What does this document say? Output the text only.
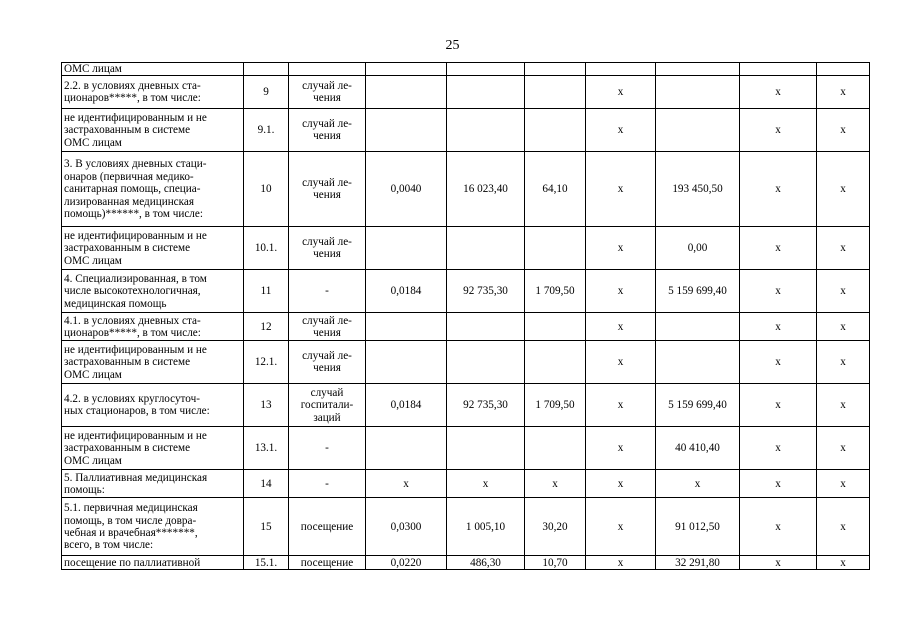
25
ОМС лицам									
2.2. в условиях дневных ста-
ционаров*****, в том числе:	9	случай ле-
чения				х		х	х
не идентифицированным и не
застрахованным в системе
ОМС лицам	9.1.	случай ле-
чения				х		х	х
3. В условиях дневных стаци-
онаров (первичная медико-
санитарная помощь, специа-
лизированная медицинская
помощь)******, в том числе:	10	случай ле-
чения	0,0040	16 023,40	64,10	х	193 450,50	х	х
не идентифицированным и не
застрахованным в системе
ОМС лицам	10.1.	случай ле-
чения				х	0,00	х	х
4. Специализированная, в том
числе высокотехнологичная,
медицинская помощь	11	-	0,0184	92 735,30	1 709,50	х	5 159 699,40	х	х
4.1. в условиях дневных ста-
ционаров*****, в том числе:	12	случай ле-
чения				х		х	х
не идентифицированным и не
застрахованным в системе
ОМС лицам	12.1.	случай ле-
чения				х		х	х
4.2. в условиях круглосуточ-
ных стационаров, в том числе:	13	случай
госпитали-
заций	0,0184	92 735,30	1 709,50	х	5 159 699,40	х	х
не идентифицированным и не
застрахованным в системе
ОМС лицам	13.1.	-				х	40 410,40	х	х
5. Паллиативная медицинская
помощь:	14	-	х	х	х	х	х	х	х
5.1. первичная медицинская
помощь, в том числе довра-
чебная и врачебная*******,
всего, в том числе:	15	посещение	0,0300	1 005,10	30,20	х	91 012,50	х	х
посещение по паллиативной	15.1.	посещение	0,0220	486,30	10,70	х	32 291,80	х	х
